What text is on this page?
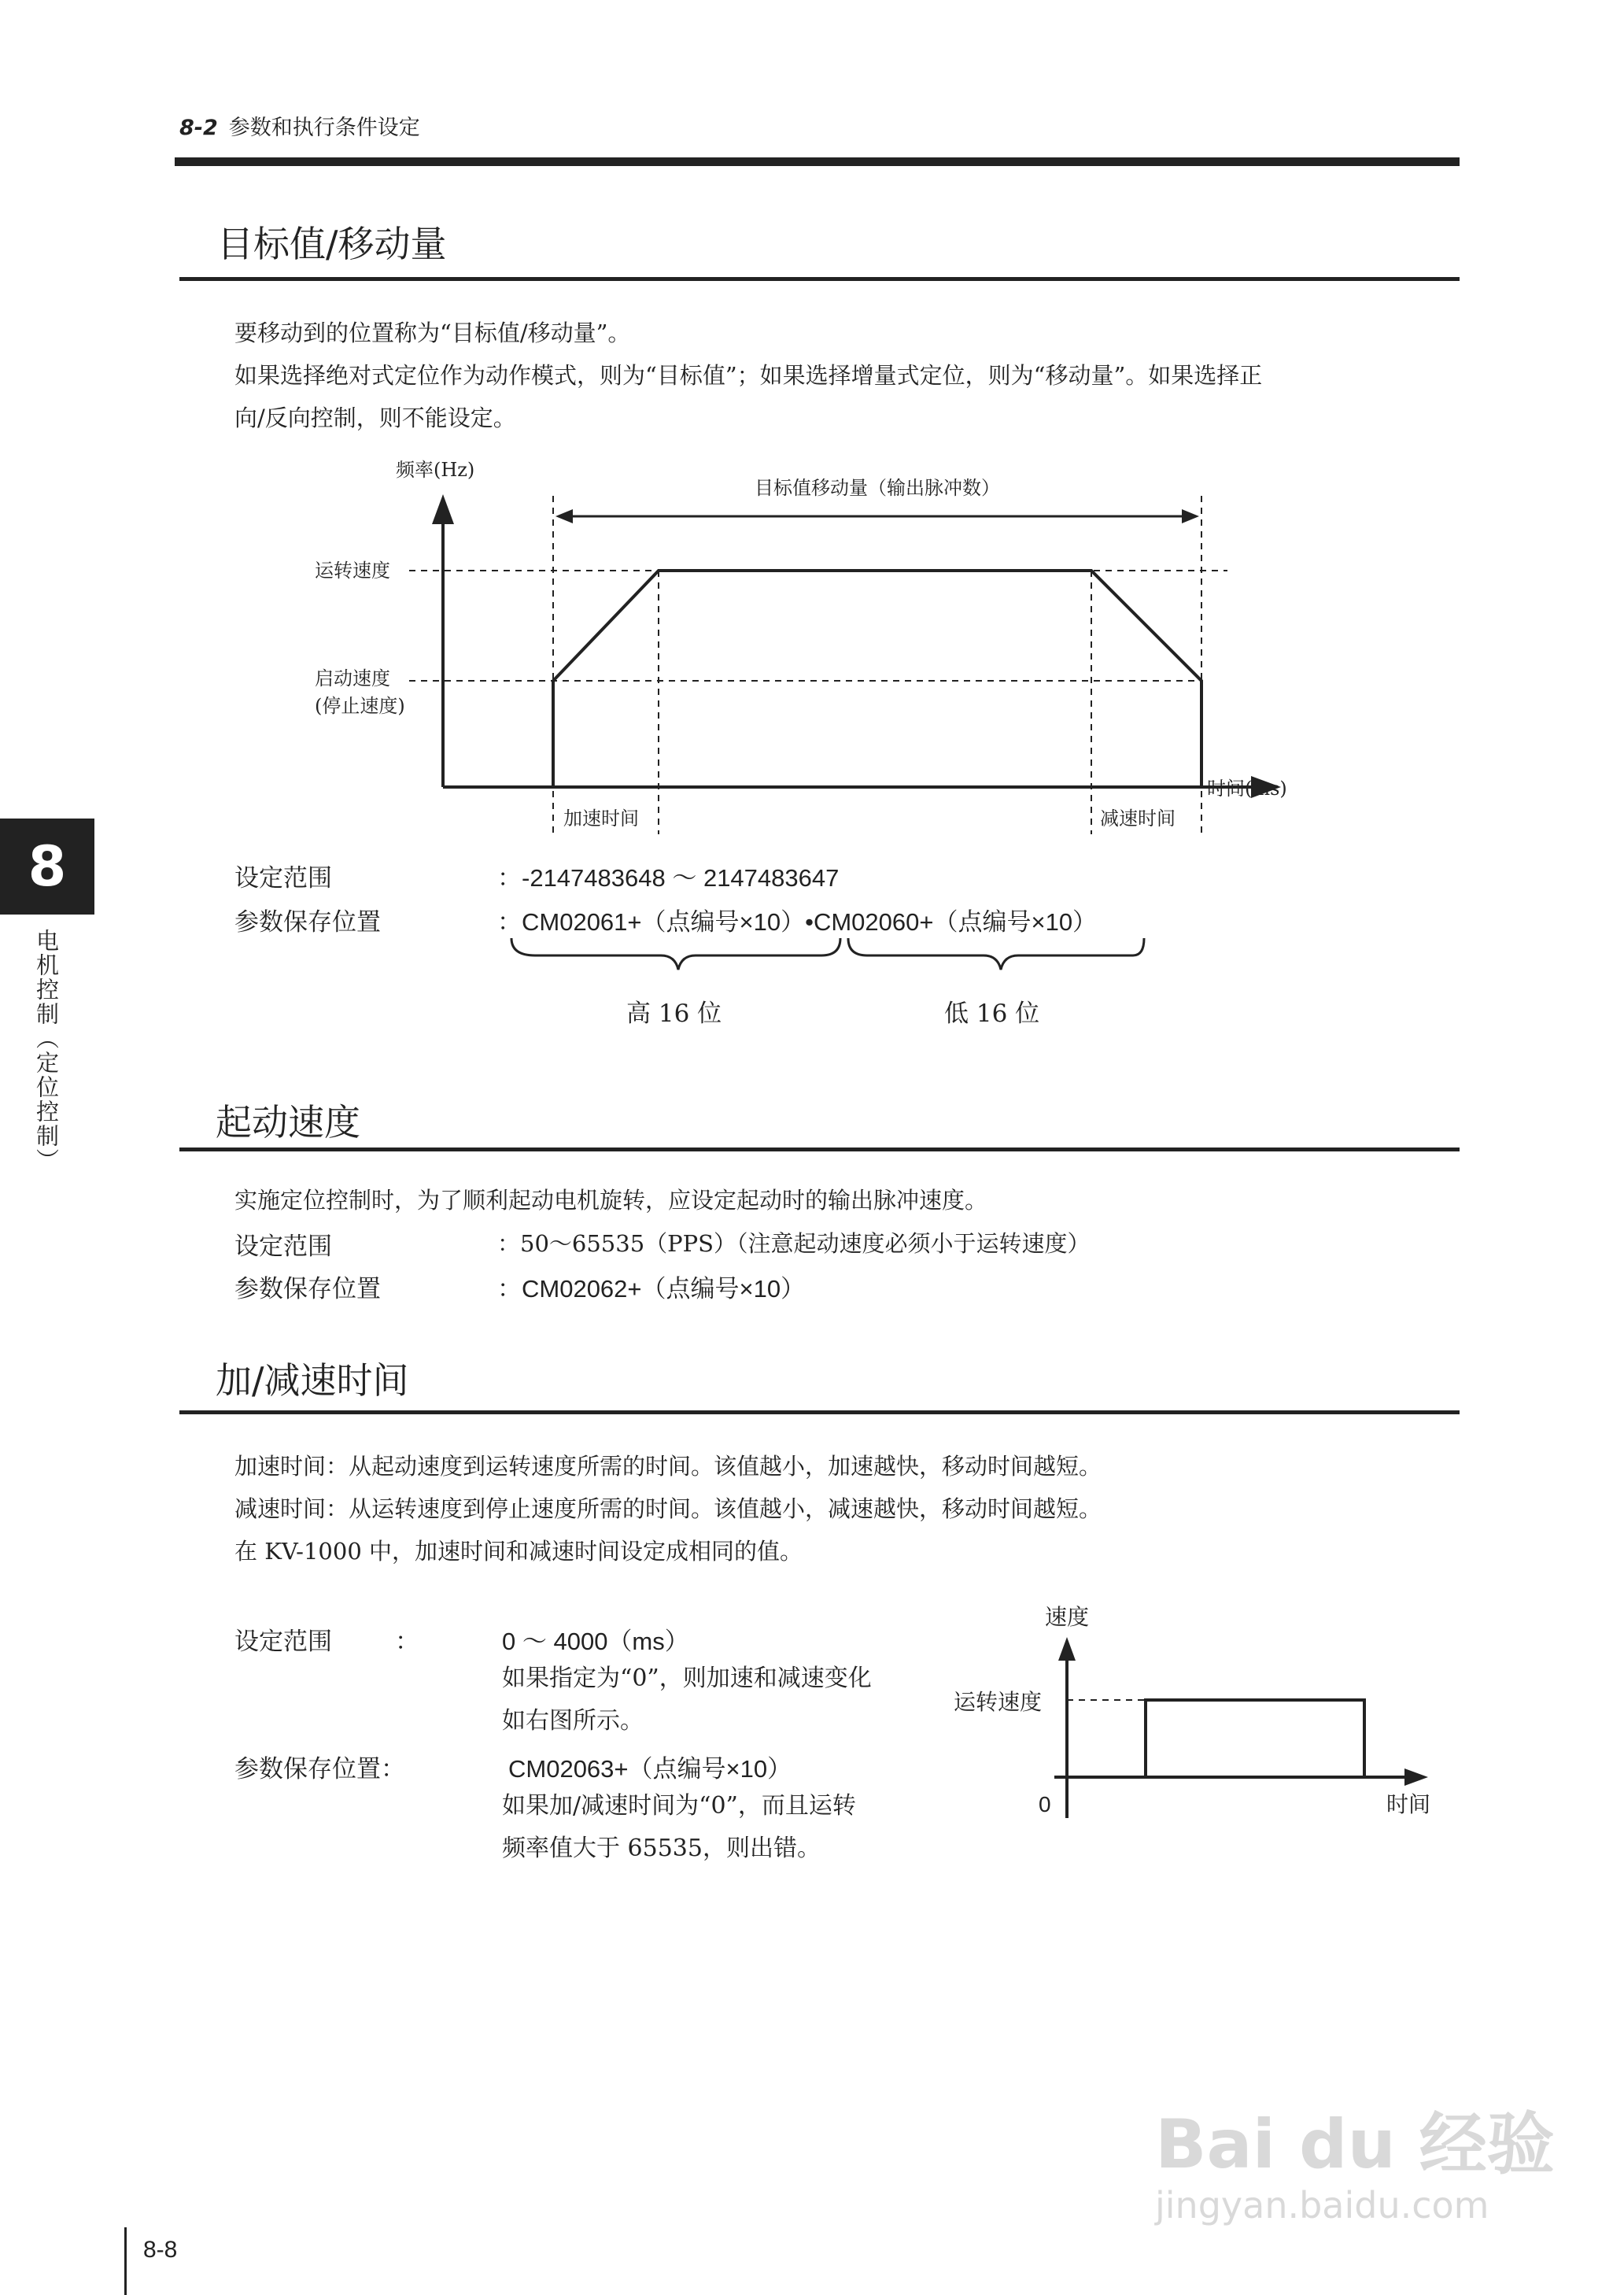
8-2 参数和执行条件设定
8
电机控制（定位控制）
目标值/移动量
要移动到的位置称为“目标值/移动量”。
如果选择绝对式定位作为动作模式，则为“目标值”；如果选择增量式定位，则为“移动量”。如果选择正
向/反向控制，则不能设定。
频率(Hz)
时间(ms)
目标值移动量（输出脉冲数）
运转速度
启动速度
(停止速度)
加速时间	减速时间
设定范围	：-2147483648 ～ 2147483647
参数保存位置	：CM02061+（点编号×10）•CM02060+（点编号×10）
高 16 位	低 16 位
起动速度
实施定位控制时，为了顺利起动电机旋转，应设定起动时的输出脉冲速度。
设定范围	：50～65535（PPS）（注意起动速度必须小于运转速度）
参数保存位置	：CM02062+（点编号×10）
加/减速时间
加速时间：从起动速度到运转速度所需的时间。该值越小，加速越快，移动时间越短。
减速时间：从运转速度到停止速度所需的时间。该值越小，减速越快，移动时间越短。
在 KV-1000 中，加速时间和减速时间设定成相同的值。
设定范围	：	0 ～ 4000（ms）
如果指定为“0”，则加速和减速变化
如右图所示。
参数保存位置：	CM02063+（点编号×10）
如果加/减速时间为“0”，而且运转
频率值大于 65535，则出错。
速度
运转速度
0	时间
8-8
Bai du 经验
jingyan.baidu.com
